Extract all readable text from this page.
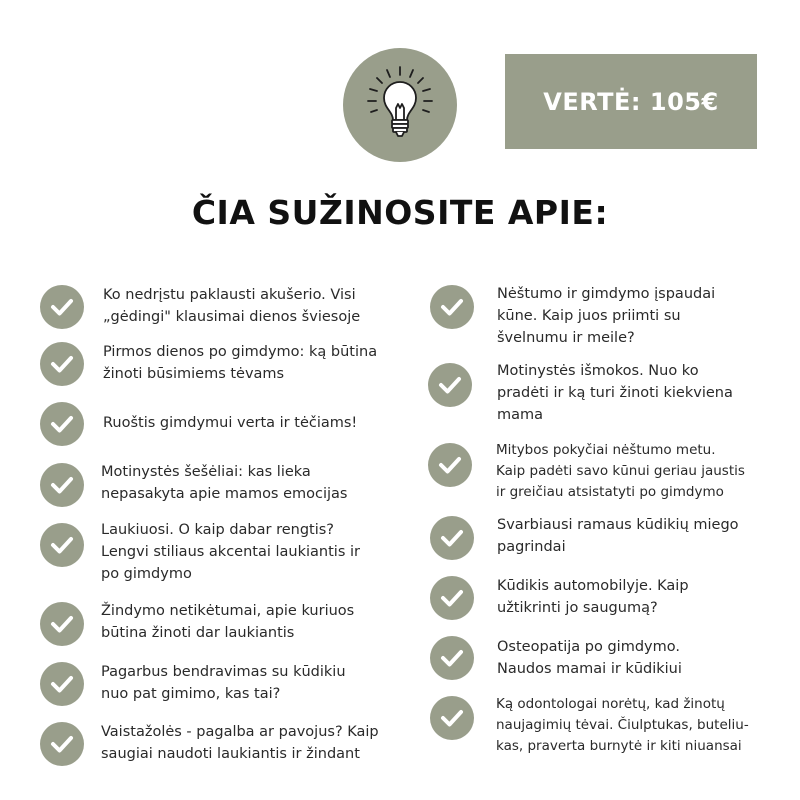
VERTĖ: 105€
ČIA SUŽINOSITE APIE:
Ko nedrįstu paklausti akušerio. Visi
„gėdingi" klausimai dienos šviesoje
Pirmos dienos po gimdymo: ką būtina
žinoti būsimiems tėvams
Ruoštis gimdymui verta ir tėčiams!
Motinystės šešėliai: kas lieka
nepasakyta apie mamos emocijas
Laukiuosi. O kaip dabar rengtis?
Lengvi stiliaus akcentai laukiantis ir
po gimdymo
Žindymo netikėtumai, apie kuriuos
būtina žinoti dar laukiantis
Pagarbus bendravimas su kūdikiu
nuo pat gimimo, kas tai?
Vaistažolės - pagalba ar pavojus? Kaip
saugiai naudoti laukiantis ir žindant
Nėštumo ir gimdymo įspaudai
kūne. Kaip juos priimti su
švelnumu ir meile?
Motinystės išmokos. Nuo ko
pradėti ir ką turi žinoti kiekviena
mama
Mitybos pokyčiai nėštumo metu.
Kaip padėti savo kūnui geriau jaustis
ir greičiau atsistatyti po gimdymo
Svarbiausi ramaus kūdikių miego
pagrindai
Kūdikis automobilyje. Kaip
užtikrinti jo saugumą?
Osteopatija po gimdymo.
Naudos mamai ir kūdikiui
Ką odontologai norėtų, kad žinotų
naujagimių tėvai. Čiulptukas, buteliu-
kas, praverta burnytė ir kiti niuansai
